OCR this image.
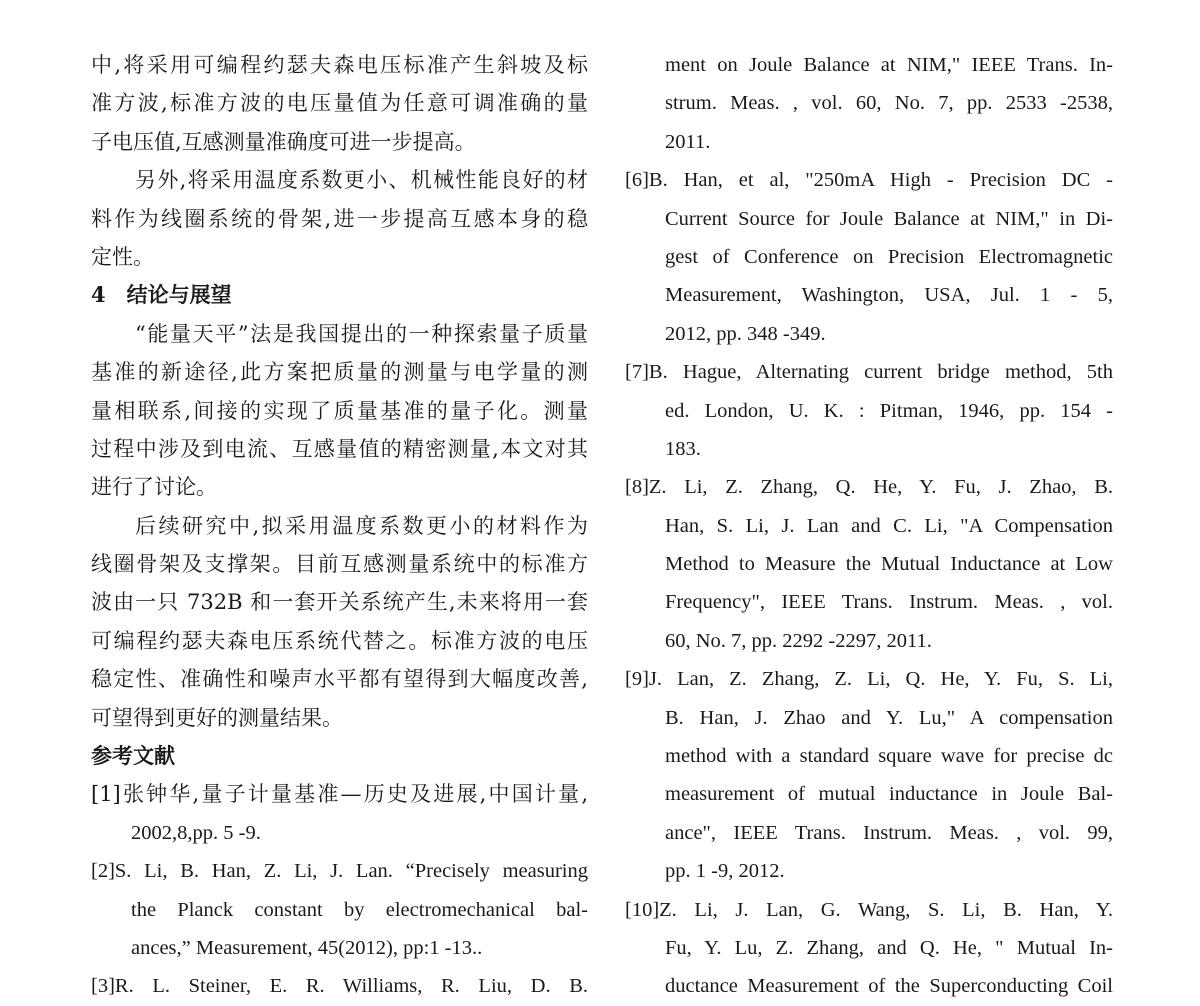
中,将采用可编程约瑟夫森电压标准产生斜坡及标
准方波,标准方波的电压量值为任意可调准确的量
子电压值,互感测量准确度可进一步提高。
另外,将采用温度系数更小、机械性能良好的材
料作为线圈系统的骨架,进一步提高互感本身的稳
定性。
4　结论与展望
“能量天平”法是我国提出的一种探索量子质量
基准的新途径,此方案把质量的测量与电学量的测
量相联系,间接的实现了质量基准的量子化。测量
过程中涉及到电流、互感量值的精密测量,本文对其
进行了讨论。
后续研究中,拟采用温度系数更小的材料作为
线圈骨架及支撑架。目前互感测量系统中的标准方
波由一只 732B 和一套开关系统产生,未来将用一套
可编程约瑟夫森电压系统代替之。标准方波的电压
稳定性、准确性和噪声水平都有望得到大幅度改善,
可望得到更好的测量结果。
参考文献
[1]张钟华,量子计量基准—历史及进展,中国计量,
2002,8,pp. 5 -9.
[2]S. Li, B. Han, Z. Li, J. Lan. “Precisely measuring
the Planck constant by electromechanical bal-
ances,” Measurement, 45(2012), pp:1 -13..
[3]R. L. Steiner, E. R. Williams, R. Liu, D. B.
ment on Joule Balance at NIM," IEEE Trans. In-
strum. Meas. , vol. 60, No. 7, pp. 2533 -2538,
2011.
[6]B. Han, et al, "250mA High - Precision DC -
Current Source for Joule Balance at NIM," in Di-
gest of Conference on Precision Electromagnetic
Measurement, Washington, USA, Jul. 1 - 5,
2012, pp. 348 -349.
[7]B. Hague, Alternating current bridge method, 5th
ed. London, U. K. : Pitman, 1946, pp. 154 -
183.
[8]Z. Li, Z. Zhang, Q. He, Y. Fu, J. Zhao, B.
Han, S. Li, J. Lan and C. Li, "A Compensation
Method to Measure the Mutual Inductance at Low
Frequency", IEEE Trans. Instrum. Meas. , vol.
60, No. 7, pp. 2292 -2297, 2011.
[9]J. Lan, Z. Zhang, Z. Li, Q. He, Y. Fu, S. Li,
B. Han, J. Zhao and Y. Lu," A compensation
method with a standard square wave for precise dc
measurement of mutual inductance in Joule Bal-
ance", IEEE Trans. Instrum. Meas. , vol. 99,
pp. 1 -9, 2012.
[10]Z. Li, J. Lan, G. Wang, S. Li, B. Han, Y.
Fu, Y. Lu, Z. Zhang, and Q. He, " Mutual In-
ductance Measurement of the Superconducting Coil
